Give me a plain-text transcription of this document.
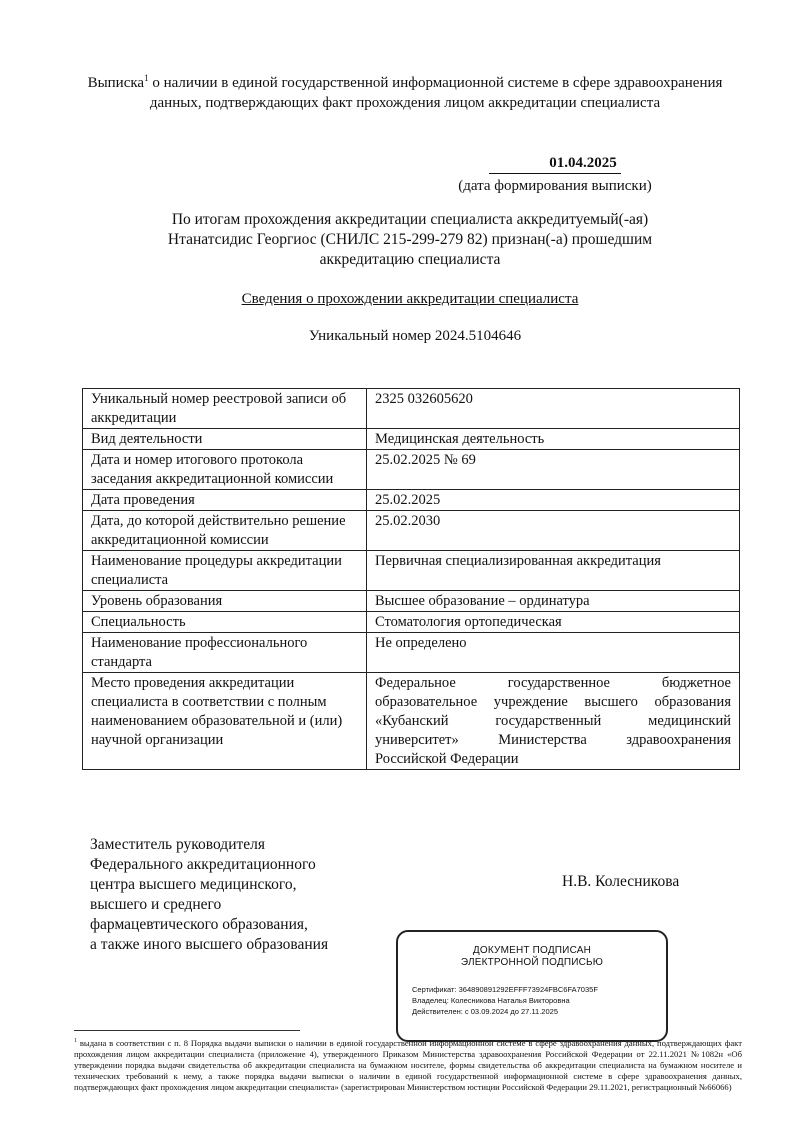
Выписка$^1$ о наличии в единой государственной информационной системе в сфере здравоохранения данных, подтверждающих факт прохождения лицом аккредитации специалиста
01.04.2025
(дата формирования выписки)
По итогам прохождения аккредитации специалиста аккредитуемый(-ая)
Нтанатсидис Георгиос (СНИЛС 215-299-279 82) признан(-а) прошедшим
аккредитацию специалиста
Сведения о прохождении аккредитации специалиста
Уникальный номер 2024.5104646
Уникальный номер реестровой записи об аккредитации	2325 032605620
Вид деятельности	Медицинская деятельность
Дата и номер итогового протокола заседания аккредитационной комиссии	25.02.2025 № 69
Дата проведения	25.02.2025
Дата, до которой действительно решение аккредитационной комиссии	25.02.2030
Наименование процедуры аккредитации специалиста	Первичная специализированная аккредитация
Уровень образования	Высшее образование – ординатура
Специальность	Стоматология ортопедическая
Наименование профессионального стандарта	Не определено
Место проведения аккредитации специалиста в соответствии с полным наименованием образовательной и (или) научной организации	Федеральное государственное бюджетное образовательное учреждение высшего образования «Кубанский государственный медицинский университет» Министерства здравоохранения Российской Федерации
Заместитель руководителя
Федерального аккредитационного
центра высшего медицинского,
высшего и среднего
фармацевтического образования,
а также иного высшего образования
Н.В. Колесникова
ДОКУМЕНТ ПОДПИСАН
ЭЛЕКТРОННОЙ ПОДПИСЬЮ
Сертификат: 364890891292EFFF73924FBC6FA7035F
Владелец: Колесникова Наталья Викторовна
Действителен: с 03.09.2024 до 27.11.2025
$^1$ выдана в соответствии с п. 8 Порядка выдачи выписки о наличии в единой государственной информационной системе в сфере здравоохранения данных, подтверждающих факт прохождения лицом аккредитации специалиста (приложение 4), утвержденного Приказом Министерства здравоохранения Российской Федерации от 22.11.2021 №1082н «Об утверждении порядка выдачи свидетельства об аккредитации специалиста на бумажном носителе, формы свидетельства об аккредитации специалиста на бумажном носителе и технических требований к нему, а также порядка выдачи выписки о наличии в единой государственной информационной системе в сфере здравоохранения данных, подтверждающих факт прохождения лицом аккредитации специалиста» (зарегистрирован Министерством юстиции Российской Федерации 29.11.2021, регистрационный №66066)
